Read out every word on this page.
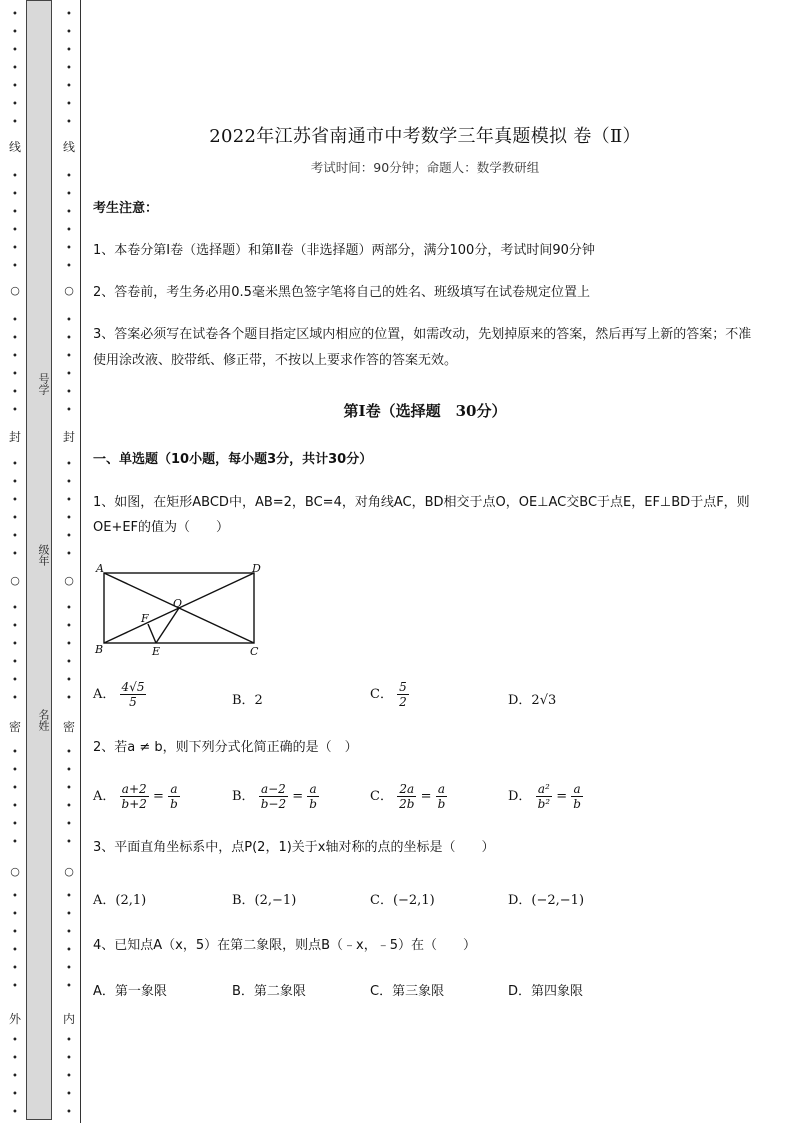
•
•
•
•
•
•
•
•
•
•
•
•
•
•
•
•
•
•
•
•
•
•
•
•
•
•
•
•
•
•
•
•
•
•
•
•
•
•
•
•
•
•
•
•
•
•
•
•
线
○
封
○
密
○
外
号学
级年
名姓
•
•
•
•
•
•
•
•
•
•
•
•
•
•
•
•
•
•
•
•
•
•
•
•
•
•
•
•
•
•
•
•
•
•
•
•
•
•
•
•
•
•
•
•
•
•
•
•
线
○
封
○
密
○
内
2022年江苏省南通市中考数学三年真题模拟 卷（Ⅱ）
考试时间：90分钟；命题人：数学教研组
考生注意：
1、本卷分第I卷（选择题）和第Ⅱ卷（非选择题）两部分，满分100分，考试时间90分钟
2、答卷前，考生务必用0.5毫米黑色签字笔将自己的姓名、班级填写在试卷规定位置上
3、答案必须写在试卷各个题目指定区域内相应的位置，如需改动，先划掉原来的答案，然后再写上新的答案；不准使用涂改液、胶带纸、修正带，不按以上要求作答的答案无效。
第Ⅰ卷（选择题　30分）
一、单选题（10小题，每小题3分，共计30分）
1、如图，在矩形ABCD中，AB=2，BC=4，对角线AC，BD相交于点O，OE⊥AC交BC于点E，EF⊥BD于点F，则OE+EF的值为（　　）
A	D
O
F
B	E	C
A． $\frac{4√5}{5}$	B．2	C． $\frac{5}{2}$	D．2√3
2、若a ≠ b，则下列分式化简正确的是（　）
A． $\frac{a+2}{b+2} = \frac{a}{b}$	B． $\frac{a-2}{b-2} = \frac{a}{b}$	C． $\frac{2a}{2b} = \frac{a}{b}$	D． $\frac{\text{a²}}{\text{b²}} = \frac{a}{b}$
3、平面直角坐标系中，点P(2，1)关于x轴对称的点的坐标是（　　）
A．(2,1)	B．(2,−1)	C．(−2,1)	D．(−2,−1)
4、已知点A（x，5）在第二象限，则点B（﹣x，﹣5）在（　　）
A．第一象限	B．第二象限	C．第三象限	D．第四象限
